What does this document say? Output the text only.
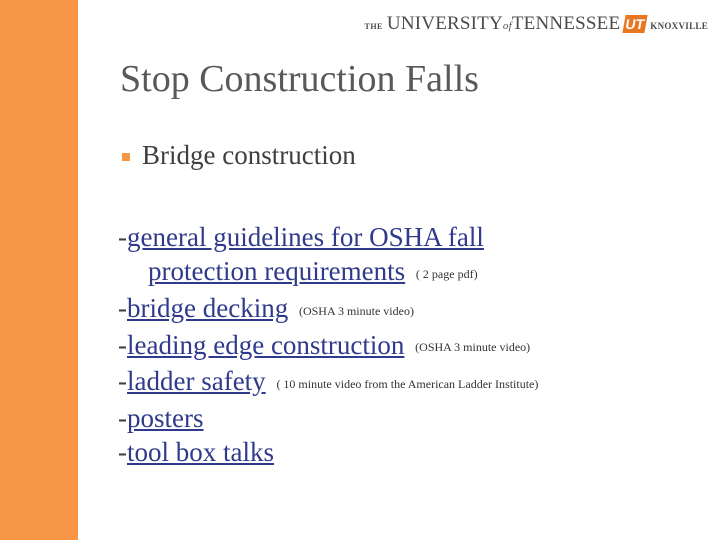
THE UNIVERSITYofTENNESSEE UT KNOXVILLE
Stop Construction Falls
Bridge construction
-general guidelines for OSHA fall
protection requirements ( 2 page pdf)
-bridge decking (OSHA 3 minute video)
-leading edge construction (OSHA 3 minute video)
-ladder safety ( 10 minute video from the American Ladder Institute)
-posters
-tool box talks
